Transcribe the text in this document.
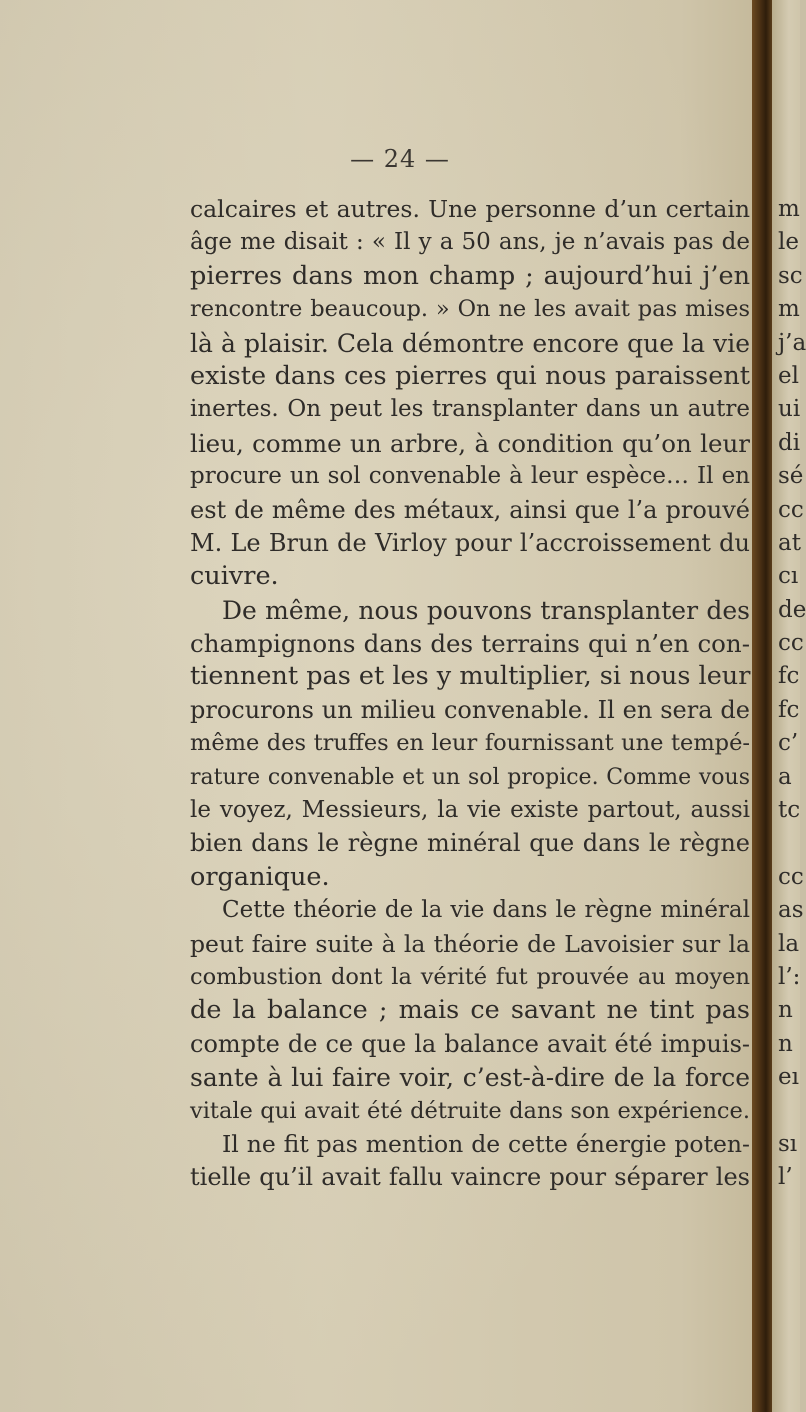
— 24 —
calcaires et autres. Une personne d’un certain
âge me disait : « Il y a 50 ans, je n’avais pas de
pierres dans mon champ ; aujourd’hui j’en
rencontre beaucoup. » On ne les avait pas mises
là à plaisir. Cela démontre encore que la vie
existe dans ces pierres qui nous paraissent
inertes. On peut les transplanter dans un autre
lieu, comme un arbre, à condition qu’on leur
procure un sol convenable à leur espèce… Il en
est de même des métaux, ainsi que l’a prouvé
M. Le Brun de Virloy pour l’accroissement du
cuivre.
De même, nous pouvons transplanter des
champignons dans des terrains qui n’en con-
tiennent pas et les y multiplier, si nous leur
procurons un milieu convenable. Il en sera de
même des truffes en leur fournissant une tempé-
rature convenable et un sol propice. Comme vous
le voyez, Messieurs, la vie existe partout, aussi
bien dans le règne minéral que dans le règne
organique.
Cette théorie de la vie dans le règne minéral
peut faire suite à la théorie de Lavoisier sur la
combustion dont la vérité fut prouvée au moyen
de la balance ; mais ce savant ne tint pas
compte de ce que la balance avait été impuis-
sante à lui faire voir, c’est-à-dire de la force
vitale qui avait été détruite dans son expérience.
Il ne fit pas mention de cette énergie poten-
tielle qu’il avait fallu vaincre pour séparer les
m
le
sc
m
j’a
el
ui
di
sé
cc
at
cı
de
cc
fc
fc
c’
a
tc
cc
as
la
l’:
n
n
eı
sı
l’
